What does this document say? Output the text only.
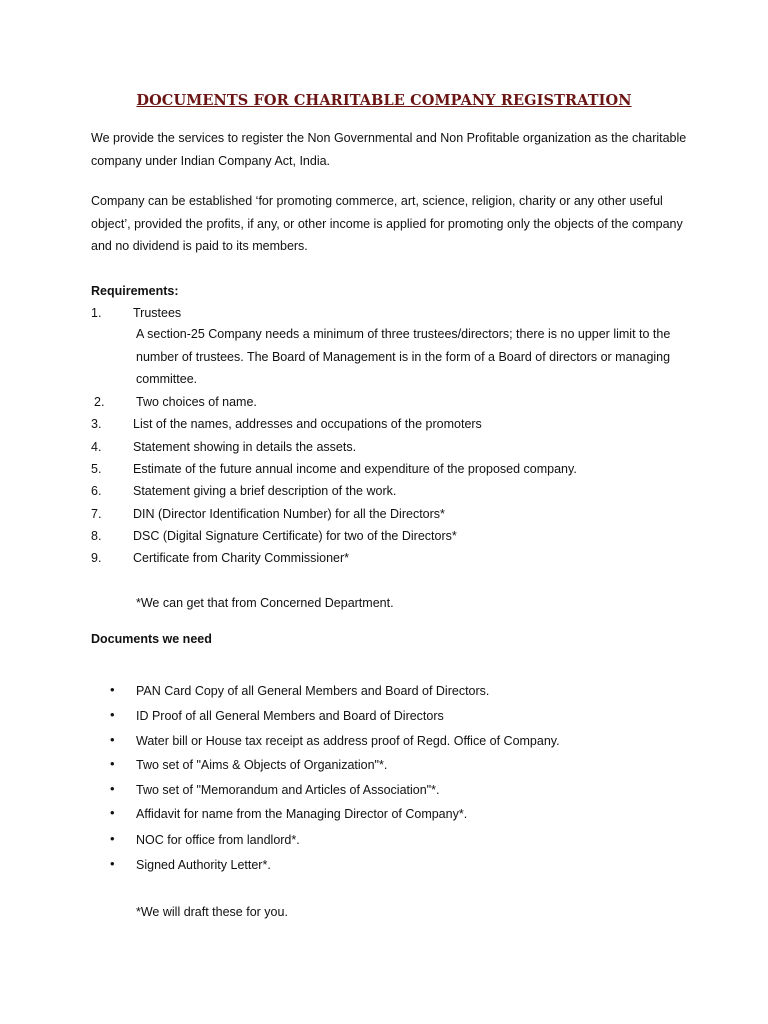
DOCUMENTS FOR CHARITABLE COMPANY REGISTRATION

We provide the services to register the Non Governmental and Non Profitable organization as the charitable company under Indian Company Act, India.

Company can be established ‘for promoting commerce, art, science, religion, charity or any other useful object’, provided the profits, if any, or other income is applied for promoting only the objects of the company and no dividend is paid to its members.

Requirements:

1.	Trustees

A section-25 Company needs a minimum of three trustees/directors; there is no upper limit to the number of trustees. The Board of Management is in the form of a Board of directors or managing committee.

2.	Two choices of name.
3.	List of the names, addresses and occupations of the promoters
4.	Statement showing in details the assets.
5.	Estimate of the future annual income and expenditure of the proposed company.
6.	Statement giving a brief description of the work.
7.	DIN (Director Identification Number) for all the Directors*
8.	DSC (Digital Signature Certificate) for two of the Directors*
9.	Certificate from Charity Commissioner*

*We can get that from Concerned Department.

Documents we need

• PAN Card Copy of all General Members and Board of Directors.
• ID Proof of all General Members and Board of Directors
• Water bill or House tax receipt as address proof of Regd. Office of Company.
• Two set of "Aims & Objects of Organization"*.
• Two set of "Memorandum and Articles of Association"*.
• Affidavit for name from the Managing Director of Company*.
• NOC for office from landlord*.
• Signed Authority Letter*.

*We will draft these for you.
